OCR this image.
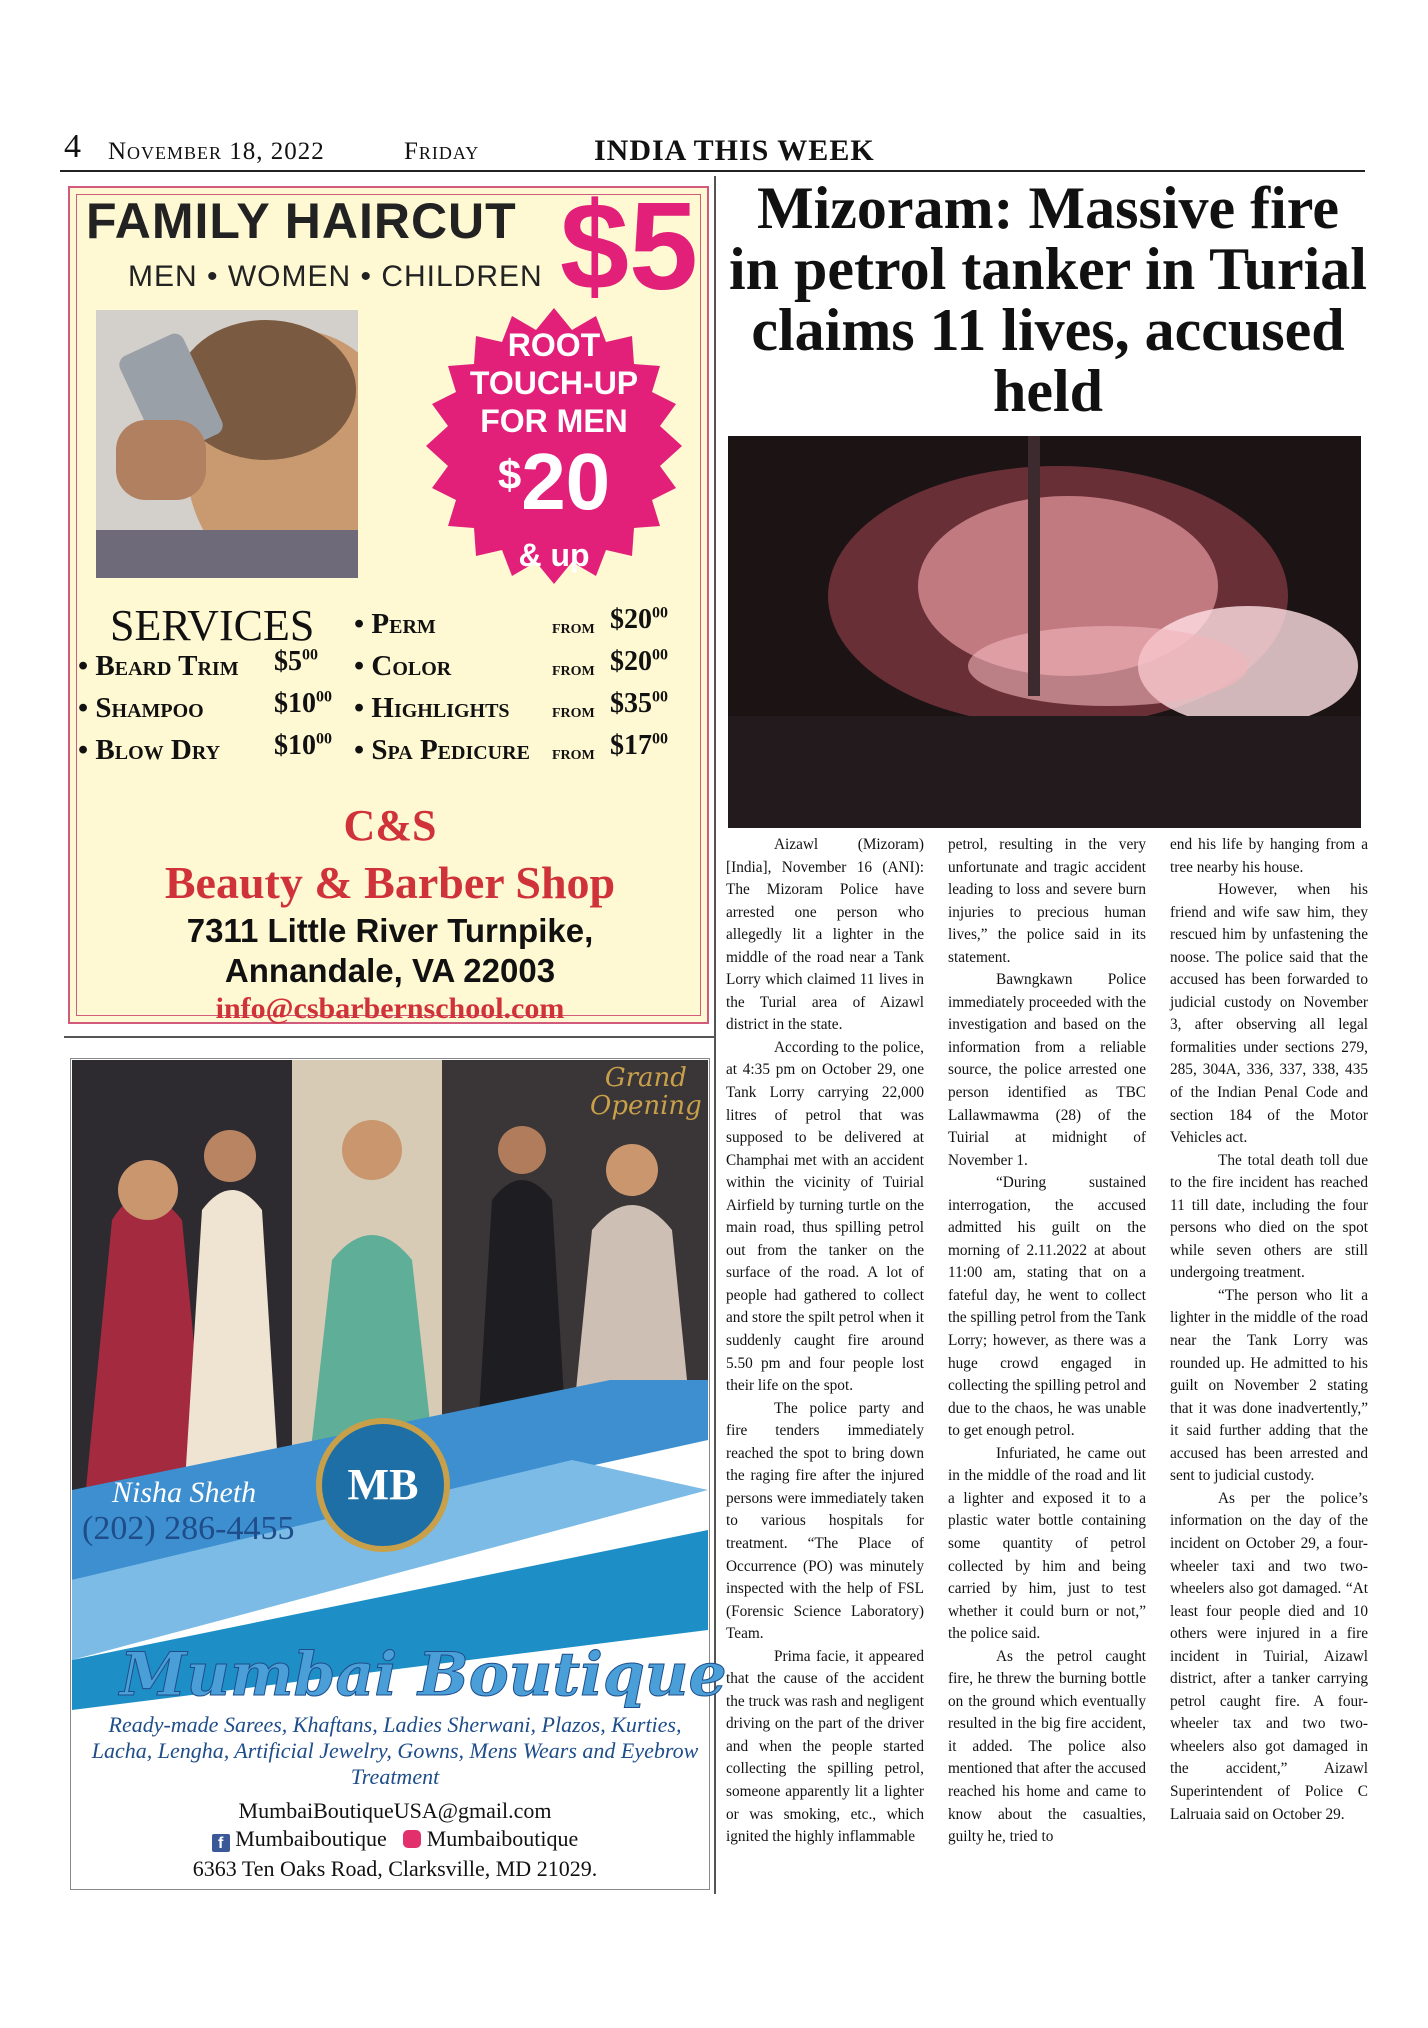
4 November 18, 2022	Friday	INDIA THIS WEEK
FAMILY HAIRCUT $5
MEN • WOMEN • CHILDREN
ROOT
TOUCH-UP
FOR MEN
$20
& up
SERVICES
• Beard Trim $\$5^{00}$
• Shampoo	$\$10^{00}$
• Blow Dry $\$10^{00}$
• Perm	from $\$20^{00}$
• Color	from $\$20^{00}$
• Highlights from $\$35^{00}$
• Spa Pedicure from $\$17^{00}$
C&S
Beauty & Barber Shop
7311 Little River Turnpike,
Annandale, VA 22003
info@csbarbernschool.com
Grand
Opening
MB
Nisha Sheth
(202) 286-4455
Mumbai Boutique
Ready-made Sarees, Khaftans, Ladies Sherwani, Plazos, Kurties, Lacha, Lengha, Artificial Jewelry, Gowns, Mens Wears and Eyebrow Treatment
MumbaiBoutiqueUSA@gmail.com
f Mumbaiboutique Mumbaiboutique
6363 Ten Oaks Road, Clarksville, MD 21029.
Mizoram: Massive fire in petrol tanker in Turial claims 11 lives, accused held

Aizawl (Mizoram) [India], November 16 (ANI): The Mizoram Police have arrested one person who allegedly lit a lighter in the middle of the road near a Tank Lorry which claimed 11 lives in the Turial area of Aizawl district in the state.

According to the police, at 4:35 pm on October 29, one Tank Lorry carrying 22,000 litres of petrol that was supposed to be delivered at Champhai met with an accident within the vicinity of Tuirial Airfield by turning turtle on the main road, thus spilling petrol out from the tanker on the surface of the road. A lot of people had gathered to collect and store the spilt petrol when it suddenly caught fire around 5.50 pm and four people lost their life on the spot.

The police party and fire tenders immediately reached the spot to bring down the raging fire after the injured persons were immediately taken to various hospitals for treatment. “The Place of Occurrence (PO) was minutely inspected with the help of FSL (Forensic Science Laboratory) Team.

Prima facie, it appeared that the cause of the accident the truck was rash and negligent driving on the part of the driver and when the people started collecting the spilling petrol, someone apparently lit a lighter or was smoking, etc., which ignited the highly inflammable

petrol, resulting in the very unfortunate and tragic accident leading to loss and severe burn injuries to precious human lives,” the police said in its statement.

Bawngkawn Police immediately proceeded with the investigation and based on the information from a reliable source, the police arrested one person identified as TBC Lallawmawma (28) of the Tuirial at midnight of November 1.

“During sustained interrogation, the accused admitted his guilt on the morning of 2.11.2022 at about 11:00 am, stating that on a fateful day, he went to collect the spilling petrol from the Tank Lorry; however, as there was a huge crowd engaged in collecting the spilling petrol and due to the chaos, he was unable to get enough petrol.

Infuriated, he came out in the middle of the road and lit a lighter and exposed it to a plastic water bottle containing some quantity of petrol collected by him and being carried by him, just to test whether it could burn or not,” the police said.

As the petrol caught fire, he threw the burning bottle on the ground which eventually resulted in the big fire accident, it added. The police also mentioned that after the accused reached his home and came to know about the casualties, guilty he, tried to

end his life by hanging from a tree nearby his house.

However, when his friend and wife saw him, they rescued him by unfastening the noose. The police said that the accused has been forwarded to judicial custody on November 3, after observing all legal formalities under sections 279, 285, 304A, 336, 337, 338, 435 of the Indian Penal Code and section 184 of the Motor Vehicles act.

The total death toll due to the fire incident has reached 11 till date, including the four persons who died on the spot while seven others are still undergoing treatment.

“The person who lit a lighter in the middle of the road near the Tank Lorry was rounded up. He admitted to his guilt on November 2 stating that it was done inadvertently,” it said further adding that the accused has been arrested and sent to judicial custody.

As per the police’s information on the day of the incident on October 29, a four-wheeler taxi and two two-wheelers also got damaged. “At least four people died and 10 others were injured in a fire incident in Tuirial, Aizawl district, after a tanker carrying petrol caught fire. A four-wheeler tax and two two-wheelers also got damaged in the accident,” Aizawl Superintendent of Police C Lalruaia said on October 29.
